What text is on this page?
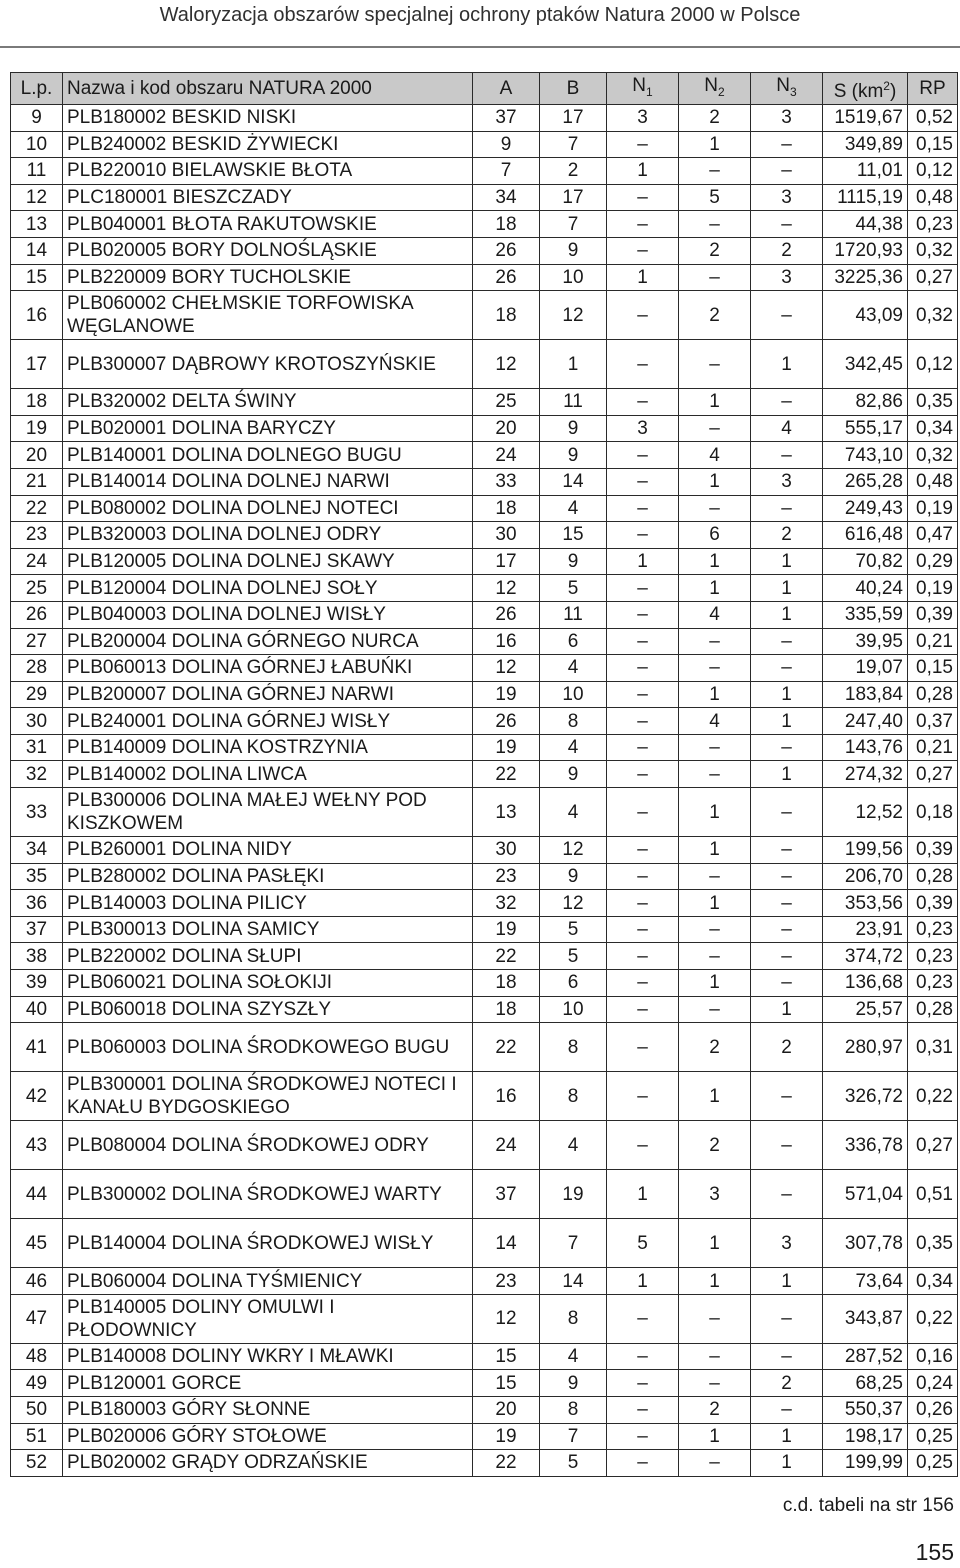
Waloryzacja obszarów specjalnej ochrony ptaków Natura 2000 w Polsce
L.p.	Nazwa i kod obszaru NATURA 2000	A	B	$N_1$	$N_2$	$N_3$	S $(km^2)$	RP
9	PLB180002 BESKID NISKI	37	17	3	2	3	1519,67	0,52
10	PLB240002 BESKID ŻYWIECKI	9	7	–	1	–	349,89	0,15
11	PLB220010 BIELAWSKIE BŁOTA	7	2	1	–	–	11,01	0,12
12	PLC180001 BIESZCZADY	34	17	–	5	3	1115,19	0,48
13	PLB040001 BŁOTA RAKUTOWSKIE	18	7	–	–	–	44,38	0,23
14	PLB020005 BORY DOLNOŚLĄSKIE	26	9	–	2	2	1720,93	0,32
15	PLB220009 BORY TUCHOLSKIE	26	10	1	–	3	3225,36	0,27
16	PLB060002 CHEŁMSKIE TORFOWISKA WĘGLANOWE	18	12	–	2	–	43,09	0,32
17	PLB300007 DĄBROWY KROTOSZYŃSKIE	12	1	–	–	1	342,45	0,12
18	PLB320002 DELTA ŚWINY	25	11	–	1	–	82,86	0,35
19	PLB020001 DOLINA BARYCZY	20	9	3	–	4	555,17	0,34
20	PLB140001 DOLINA DOLNEGO BUGU	24	9	–	4	–	743,10	0,32
21	PLB140014 DOLINA DOLNEJ NARWI	33	14	–	1	3	265,28	0,48
22	PLB080002 DOLINA DOLNEJ NOTECI	18	4	–	–	–	249,43	0,19
23	PLB320003 DOLINA DOLNEJ ODRY	30	15	–	6	2	616,48	0,47
24	PLB120005 DOLINA DOLNEJ SKAWY	17	9	1	1	1	70,82	0,29
25	PLB120004 DOLINA DOLNEJ SOŁY	12	5	–	1	1	40,24	0,19
26	PLB040003 DOLINA DOLNEJ WISŁY	26	11	–	4	1	335,59	0,39
27	PLB200004 DOLINA GÓRNEGO NURCA	16	6	–	–	–	39,95	0,21
28	PLB060013 DOLINA GÓRNEJ ŁABUŃKI	12	4	–	–	–	19,07	0,15
29	PLB200007 DOLINA GÓRNEJ NARWI	19	10	–	1	1	183,84	0,28
30	PLB240001 DOLINA GÓRNEJ WISŁY	26	8	–	4	1	247,40	0,37
31	PLB140009 DOLINA KOSTRZYNIA	19	4	–	–	–	143,76	0,21
32	PLB140002 DOLINA LIWCA	22	9	–	–	1	274,32	0,27
33	PLB300006 DOLINA MAŁEJ WEŁNY POD KISZKOWEM	13	4	–	1	–	12,52	0,18
34	PLB260001 DOLINA NIDY	30	12	–	1	–	199,56	0,39
35	PLB280002 DOLINA PASŁĘKI	23	9	–	–	–	206,70	0,28
36	PLB140003 DOLINA PILICY	32	12	–	1	–	353,56	0,39
37	PLB300013 DOLINA SAMICY	19	5	–	–	–	23,91	0,23
38	PLB220002 DOLINA SŁUPI	22	5	–	–	–	374,72	0,23
39	PLB060021 DOLINA SOŁOKIJI	18	6	–	1	–	136,68	0,23
40	PLB060018 DOLINA SZYSZŁY	18	10	–	–	1	25,57	0,28
41	PLB060003 DOLINA ŚRODKOWEGO BUGU	22	8	–	2	2	280,97	0,31
42	PLB300001 DOLINA ŚRODKOWEJ NOTECI I KANAŁU BYDGOSKIEGO	16	8	–	1	–	326,72	0,22
43	PLB080004 DOLINA ŚRODKOWEJ ODRY	24	4	–	2	–	336,78	0,27
44	PLB300002 DOLINA ŚRODKOWEJ WARTY	37	19	1	3	–	571,04	0,51
45	PLB140004 DOLINA ŚRODKOWEJ WISŁY	14	7	5	1	3	307,78	0,35
46	PLB060004 DOLINA TYŚMIENICY	23	14	1	1	1	73,64	0,34
47	PLB140005 DOLINY OMULWI I PŁODOWNICY	12	8	–	–	–	343,87	0,22
48	PLB140008 DOLINY WKRY I MŁAWKI	15	4	–	–	–	287,52	0,16
49	PLB120001 GORCE	15	9	–	–	2	68,25	0,24
50	PLB180003 GÓRY SŁONNE	20	8	–	2	–	550,37	0,26
51	PLB020006 GÓRY STOŁOWE	19	7	–	1	1	198,17	0,25
52	PLB020002 GRĄDY ODRZAŃSKIE	22	5	–	–	1	199,99	0,25
c.d. tabeli na str 156
155
